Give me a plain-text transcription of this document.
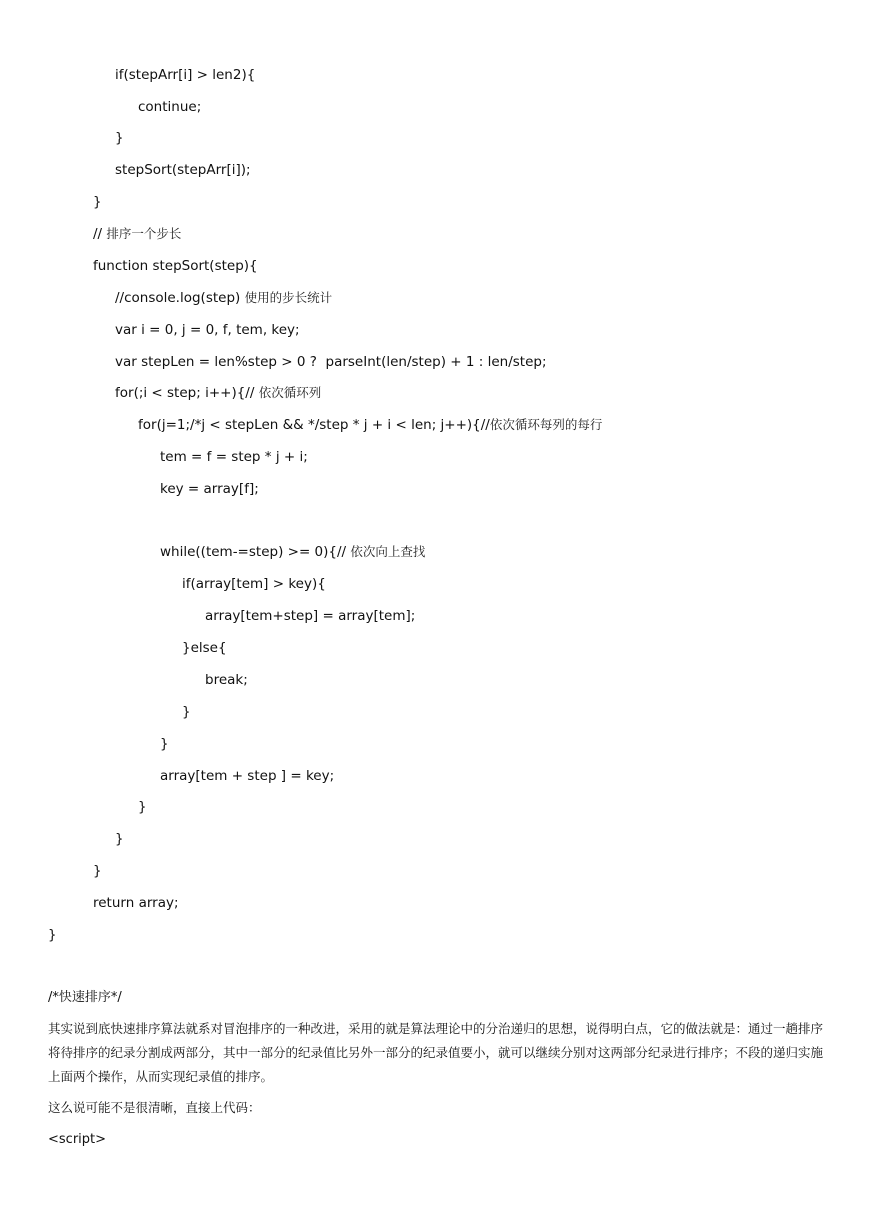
if(stepArr[i] > len2){
continue;
}
stepSort(stepArr[i]);
}
// 排序一个步长
function stepSort(step){
//console.log(step) 使用的步长统计
var i = 0, j = 0, f, tem, key;
var stepLen = len%step > 0 ?  parseInt(len/step) + 1 : len/step;
for(;i < step; i++){// 依次循环列
for(j=1;/*j < stepLen && */step * j + i < len; j++){//依次循环每列的每行
tem = f = step * j + i;
key = array[f];
while((tem-=step) >= 0){// 依次向上查找
if(array[tem] > key){
array[tem+step] = array[tem];
}else{
break;
}
}
array[tem + step ] = key;
}
}
}
return array;
}
/*快速排序*/
其实说到底快速排序算法就系对冒泡排序的一种改进，采用的就是算法理论中的分治递归的思想，说得明白点，它的做法就是：通过一趟排序将待排序的纪录分割成两部分，其中一部分的纪录值比另外一部分的纪录值要小，就可以继续分别对这两部分纪录进行排序；不段的递归实施上面两个操作，从而实现纪录值的排序。
这么说可能不是很清晰，直接上代码：
<script>
